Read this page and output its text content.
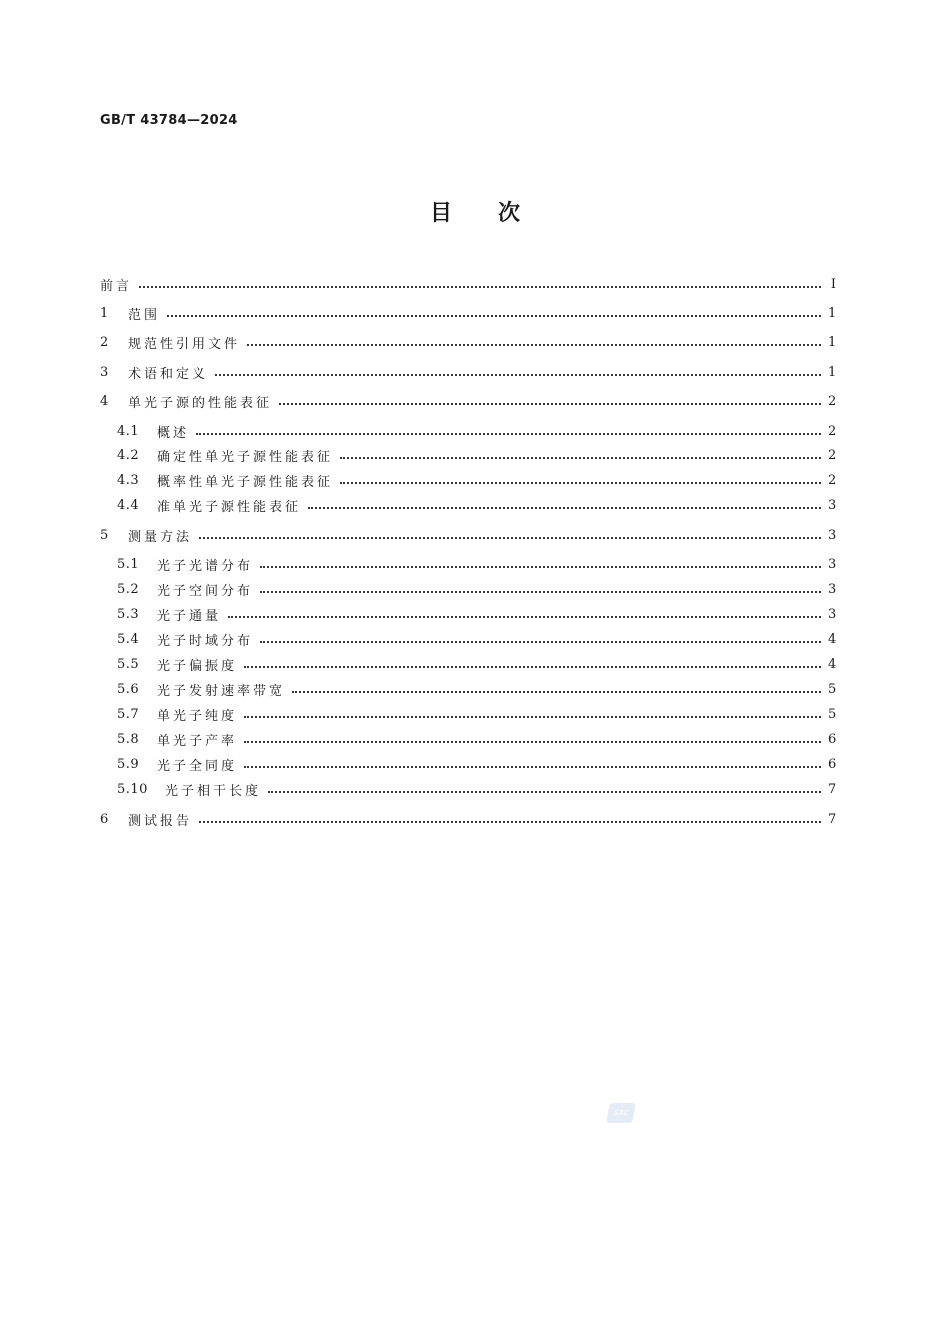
GB/T 43784—2024
目次
前言	I
1	范围	1
2	规范性引用文件	1
3	术语和定义	1
4	单光子源的性能表征	2
4.1	概述	2
4.2	确定性单光子源性能表征	2
4.3	概率性单光子源性能表征	2
4.4	准单光子源性能表征	3
5	测量方法	3
5.1	光子光谱分布	3
5.2	光子空间分布	3
5.3	光子通量	3
5.4	光子时域分布	4
5.5	光子偏振度	4
5.6	光子发射速率带宽	5
5.7	单光子纯度	5
5.8	单光子产率	6
5.9	光子全同度	6
5.10	光子相干长度	7
6	测试报告	7
SAC
